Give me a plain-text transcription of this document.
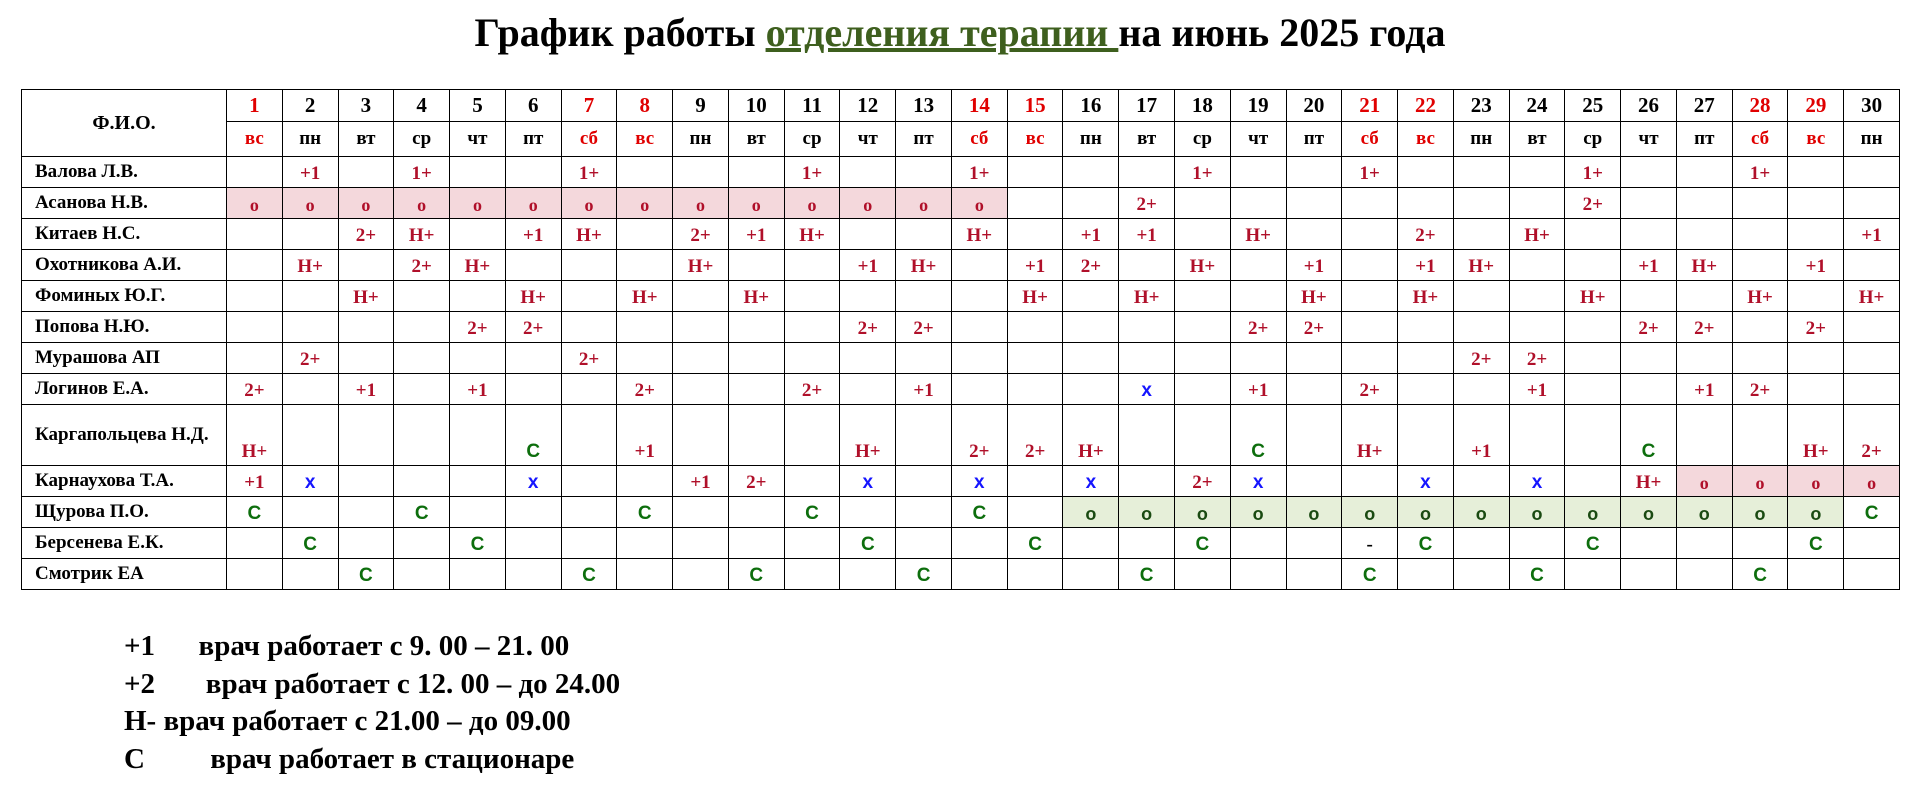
График работы отделения терапии на июнь 2025 года
Ф.И.О.	1	2	3	4	5	6	7	8	9	10	11	12	13	14	15	16	17	18	19	20	21	22	23	24	25	26	27	28	29	30
	вс	пн	вт	ср	чт	пт	сб	вс	пн	вт	ср	чт	пт	сб	вс	пн	вт	ср	чт	пт	сб	вс	пн	вт	ср	чт	пт	сб	вс	пн
Валова Л.В.		+1		1+			1+				1+			1+				1+			1+				1+			1+		
Асанова Н.В.	о	о	о	о	о	о	о	о	о	о	о	о	о	о			2+								2+					
Китаев Н.С.			2+	Н+		+1	Н+		2+	+1	Н+			Н+		+1	+1		Н+			2+		Н+						+1
Охотникова А.И.		Н+		2+	Н+				Н+			+1	Н+		+1	2+		Н+		+1		+1	Н+			+1	Н+		+1	
Фоминых Ю.Г.			Н+			Н+		Н+		Н+					Н+		Н+			Н+		Н+			Н+			Н+		Н+
Попова Н.Ю.					2+	2+						2+	2+						2+	2+						2+	2+		2+	
Мурашова АП		2+					2+																2+	2+						
Логинов Е.А.	2+		+1		+1			2+			2+		+1				х		+1		2+			+1			+1	2+		
Каргапольцева Н.Д.	Н+					С		+1				Н+		2+	2+	Н+			С		Н+		+1			С			Н+	2+
Карнаухова Т.А.	+1	х				х			+1	2+		х		х		х		2+	х			х		х		Н+	о	о	о	о
Щурова П.О.	С			С				С			С			С		о	о	о	о	о	о	о	о	о	о	о	о	о	о	С
Берсенева Е.К.		С			С							С			С			С			-	С			С				С	
Смотрик ЕА			С				С			С			С				С				С			С				С		
+1 врач работает с 9. 00 – 21. 00
+2 врач работает с 12. 00 – до 24.00
Н- врач работает с 21.00 – до 09.00
С врач работает в стационаре
